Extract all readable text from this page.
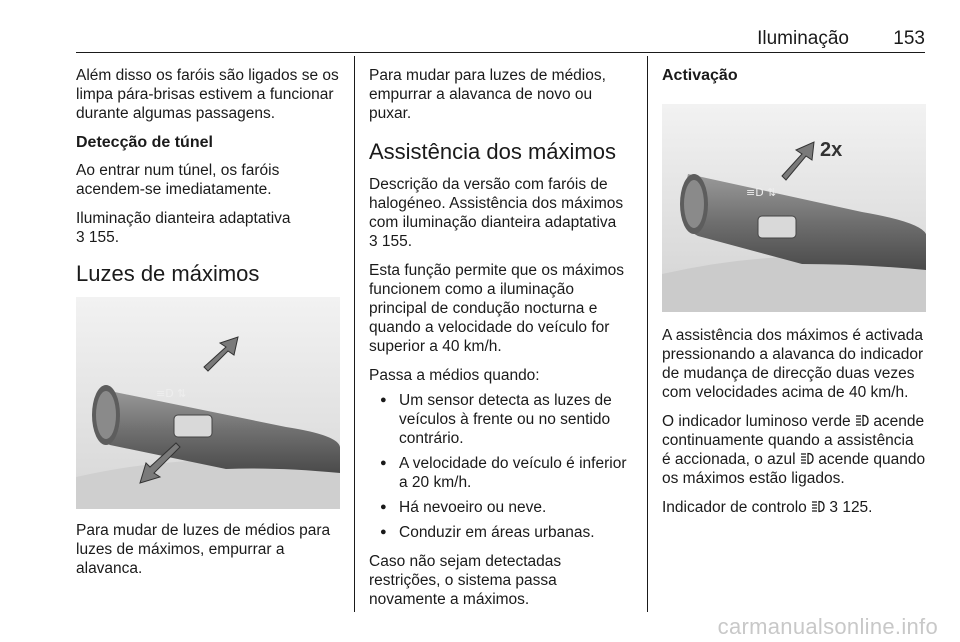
Iluminação 153

Além disso os faróis são ligados se os limpa pára-brisas estivem a funcionar durante algumas passagens.

Detecção de túnel

Ao entrar num túnel, os faróis acendem-se imediatamente.

Iluminação dianteira adaptativa
3 155.

Luzes de máximos
≡D ⇅

Para mudar de luzes de médios para luzes de máximos, empurrar a alavanca.

Para mudar para luzes de médios, empurrar a alavanca de novo ou puxar.

Assistência dos máximos

Descrição da versão com faróis de halogéneo. Assistência dos máximos com iluminação dianteira adaptativa
3 155.

Esta função permite que os máximos funcionem como a iluminação principal de condução nocturna e quando a velocidade do veículo for superior a 40 km/h.

Passa a médios quando:

● Um sensor detecta as luzes de veículos à frente ou no sentido contrário.
● A velocidade do veículo é inferior a 20 km/h.
● Há nevoeiro ou neve.
● Conduzir em áreas urbanas.

Caso não sejam detectadas restrições, o sistema passa novamente a máximos.

Activação
≡D ⇅
2x

A assistência dos máximos é activada pressionando a alavanca do indicador de mudança de direcção duas vezes com velocidades acima de 40 km/h.

O indicador luminoso verde acende continuamente quando a assistência é accionada, o azul acende quando os máximos estão ligados.

Indicador de controlo 3 125.

carmanualsonline.info
